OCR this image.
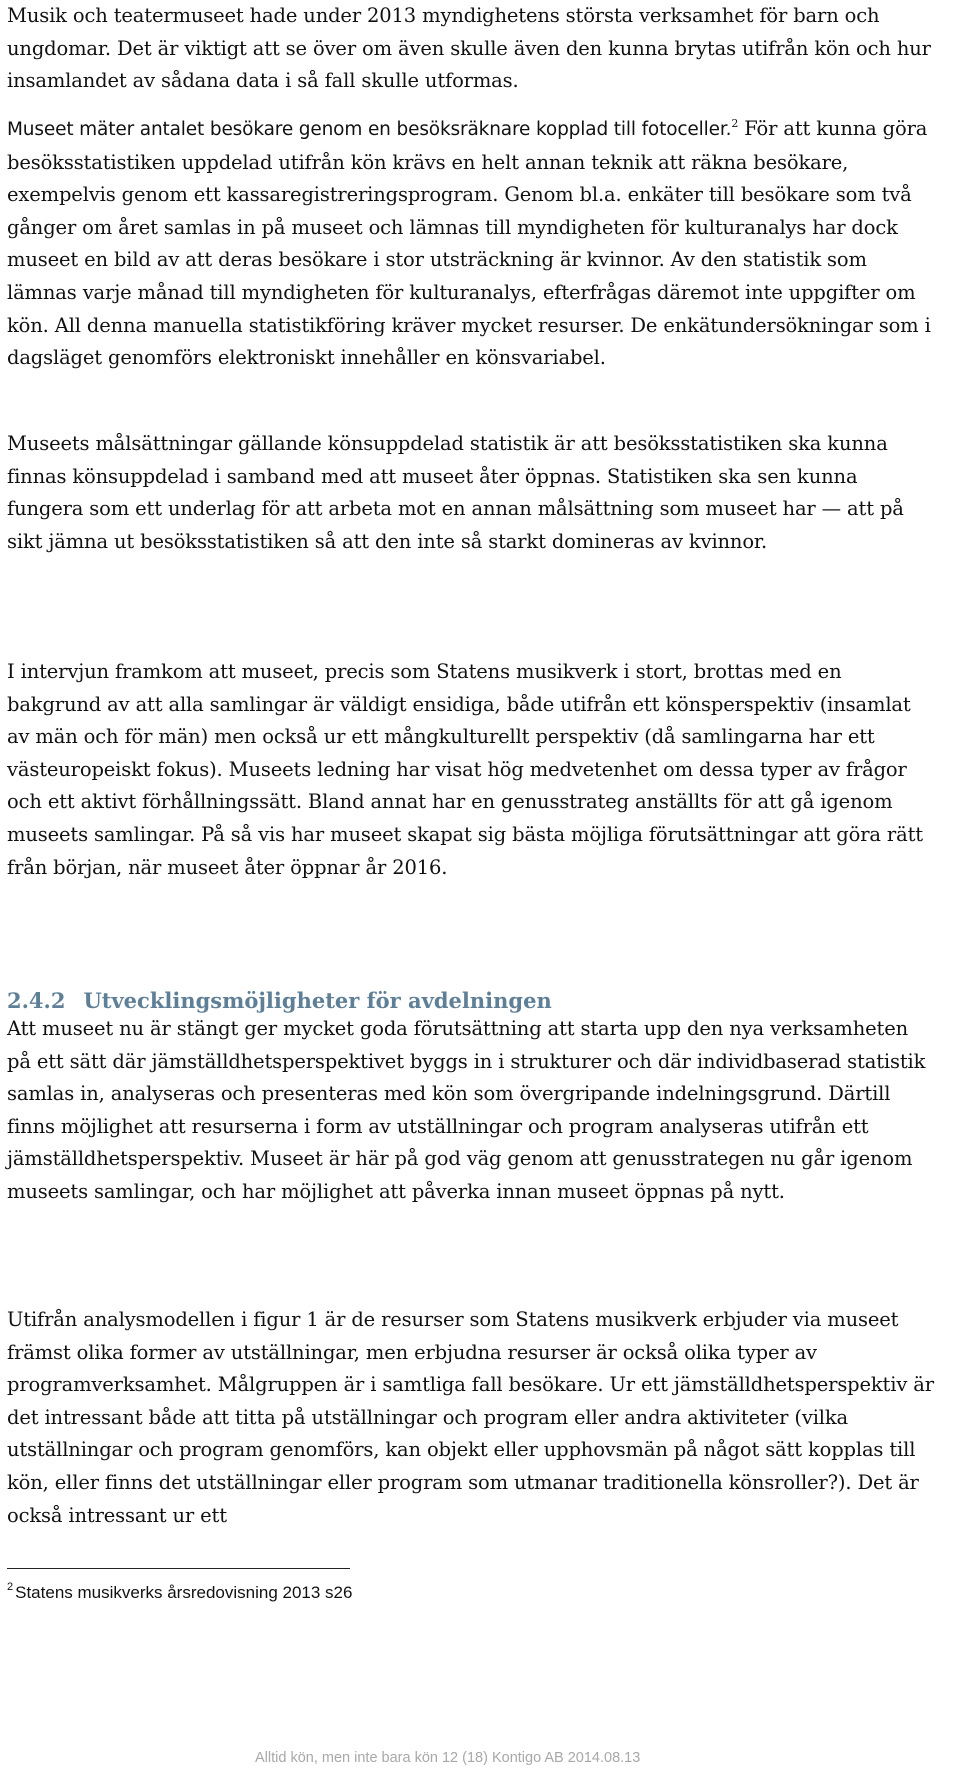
Musik och teatermuseet hade under 2013 myndighetens största verksamhet för barn och ungdomar. Det är viktigt att se över om även skulle även den kunna brytas utifrån kön och hur insamlandet av sådana data i så fall skulle utformas.

Museet mäter antalet besökare genom en besöksräknare kopplad till fotoceller.$^2$ För att kunna göra besöksstatistiken uppdelad utifrån kön krävs en helt annan teknik att räkna besökare, exempelvis genom ett kassaregistreringsprogram. Genom bl.a. enkäter till besökare som två gånger om året samlas in på museet och lämnas till myndigheten för kulturanalys har dock museet en bild av att deras besökare i stor utsträckning är kvinnor. Av den statistik som lämnas varje månad till myndigheten för kulturanalys, efterfrågas däremot inte uppgifter om kön. All denna manuella statistikföring kräver mycket resurser. De enkätundersökningar som i dagsläget genomförs elektroniskt innehåller en könsvariabel.

Museets målsättningar gällande könsuppdelad statistik är att besöksstatistiken ska kunna finnas könsuppdelad i samband med att museet åter öppnas. Statistiken ska sen kunna fungera som ett underlag för att arbeta mot en annan målsättning som museet har — att på sikt jämna ut besöksstatistiken så att den inte så starkt domineras av kvinnor.

I intervjun framkom att museet, precis som Statens musikverk i stort, brottas med en bakgrund av att alla samlingar är väldigt ensidiga, både utifrån ett könsperspektiv (insamlat av män och för män) men också ur ett mångkulturellt perspektiv (då samlingarna har ett västeuropeiskt fokus). Museets ledning har visat hög medvetenhet om dessa typer av frågor och ett aktivt förhållningssätt. Bland annat har en genusstrateg anställts för att gå igenom museets samlingar. På så vis har museet skapat sig bästa möjliga förutsättningar att göra rätt från början, när museet åter öppnar år 2016.

2.4.2 Utvecklingsmöjligheter för avdelningen

Att museet nu är stängt ger mycket goda förutsättning att starta upp den nya verksamheten på ett sätt där jämställdhetsperspektivet byggs in i strukturer och där individbaserad statistik samlas in, analyseras och presenteras med kön som övergripande indelningsgrund. Därtill finns möjlighet att resurserna i form av utställningar och program analyseras utifrån ett jämställdhetsperspektiv. Museet är här på god väg genom att genusstrategen nu går igenom museets samlingar, och har möjlighet att påverka innan museet öppnas på nytt.

Utifrån analysmodellen i figur 1 är de resurser som Statens musikverk erbjuder via museet främst olika former av utställningar, men erbjudna resurser är också olika typer av programverksamhet. Målgruppen är i samtliga fall besökare. Ur ett jämställdhetsperspektiv är det intressant både att titta på utställningar och program eller andra aktiviteter (vilka utställningar och program genomförs, kan objekt eller upphovsmän på något sätt kopplas till kön, eller finns det utställningar eller program som utmanar traditionella könsroller?). Det är också intressant ur ett

$^2$ Statens musikverks årsredovisning 2013 s26

Alltid kön, men inte bara kön 12 (18) Kontigo AB 2014.08.13
